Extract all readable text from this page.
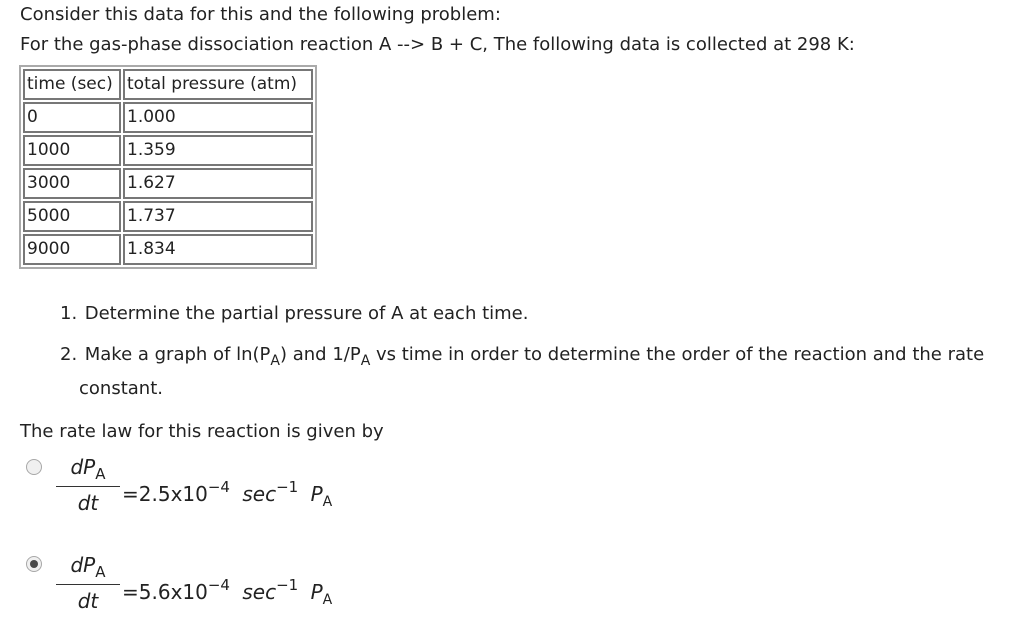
Consider this data for this and the following problem:
For the gas-phase dissociation reaction A --> B + C, The following data is collected at 298 K:
time (sec)	total pressure (atm)
0	1.000
1000	1.359
3000	1.627
5000	1.737
9000	1.834
1. Determine the partial pressure of A at each time.
2. Make a graph of $\ln(P_A)$ and $1/P_A$ vs time in order to determine the order of the reaction and the rate
constant.
The rate law for this reaction is given by
$dP_A$
dt	$=2.5x10^{-4}$ $\sec^{-1} P_A$
$dP_A$
dt	$=5.6x10^{-4}$ $\sec^{-1} P_A$
